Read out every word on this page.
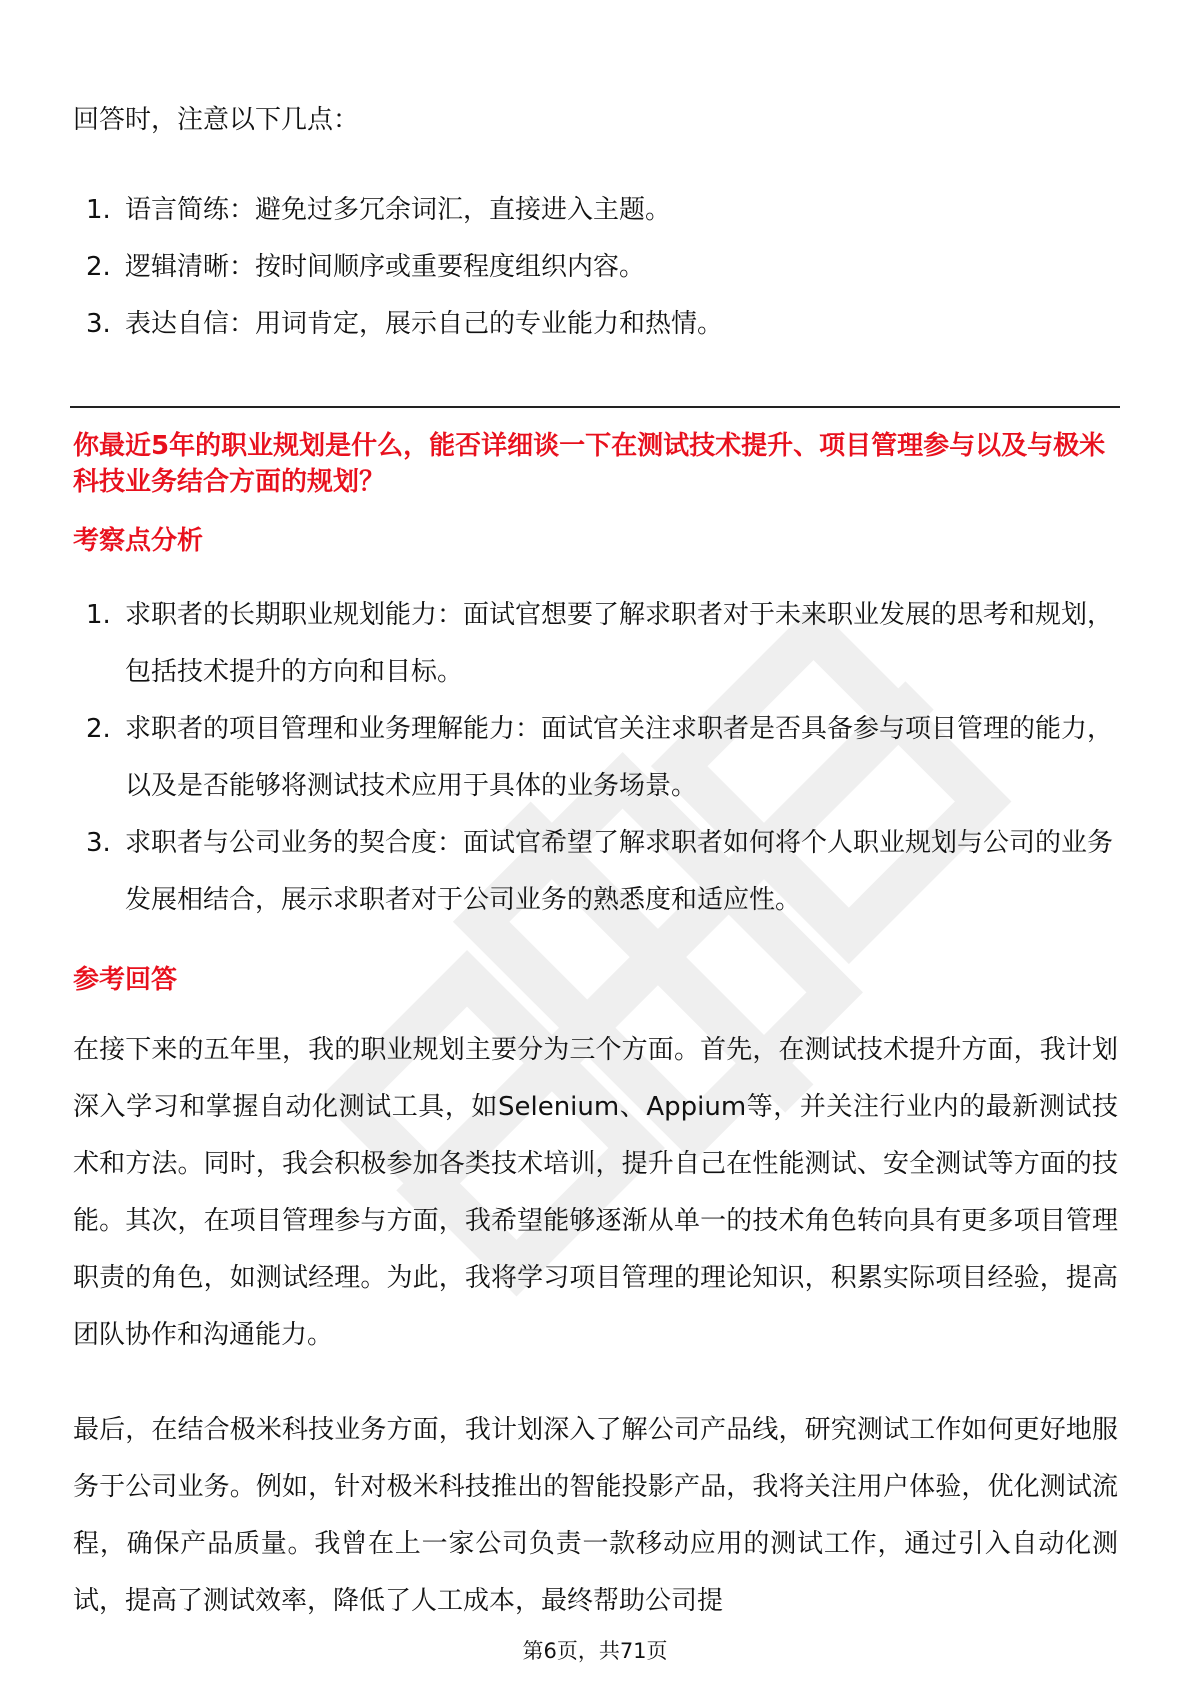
回答时，注意以下几点：

1. 语言简练：避免过多冗余词汇，直接进入主题。
2. 逻辑清晰：按时间顺序或重要程度组织内容。
3. 表达自信：用词肯定，展示自己的专业能力和热情。

你最近5年的职业规划是什么，能否详细谈一下在测试技术提升、项目管理参与以及与极米科技业务结合方面的规划？

考察点分析

1. 求职者的长期职业规划能力：面试官想要了解求职者对于未来职业发展的思考和规划，包括技术提升的方向和目标。
2. 求职者的项目管理和业务理解能力：面试官关注求职者是否具备参与项目管理的能力，以及是否能够将测试技术应用于具体的业务场景。
3. 求职者与公司业务的契合度：面试官希望了解求职者如何将个人职业规划与公司的业务发展相结合，展示求职者对于公司业务的熟悉度和适应性。

参考回答

在接下来的五年里，我的职业规划主要分为三个方面。首先，在测试技术提升方面，我计划深入学习和掌握自动化测试工具，如Selenium、Appium等，并关注行业内的最新测试技术和方法。同时，我会积极参加各类技术培训，提升自己在性能测试、安全测试等方面的技能。其次，在项目管理参与方面，我希望能够逐渐从单一的技术角色转向具有更多项目管理职责的角色，如测试经理。为此，我将学习项目管理的理论知识，积累实际项目经验，提高团队协作和沟通能力。

最后，在结合极米科技业务方面，我计划深入了解公司产品线，研究测试工作如何更好地服务于公司业务。例如，针对极米科技推出的智能投影产品，我将关注用户体验，优化测试流程，确保产品质量。我曾在上一家公司负责一款移动应用的测试工作，通过引入自动化测试，提高了测试效率，降低了人工成本，最终帮助公司提

第6页，共71页
